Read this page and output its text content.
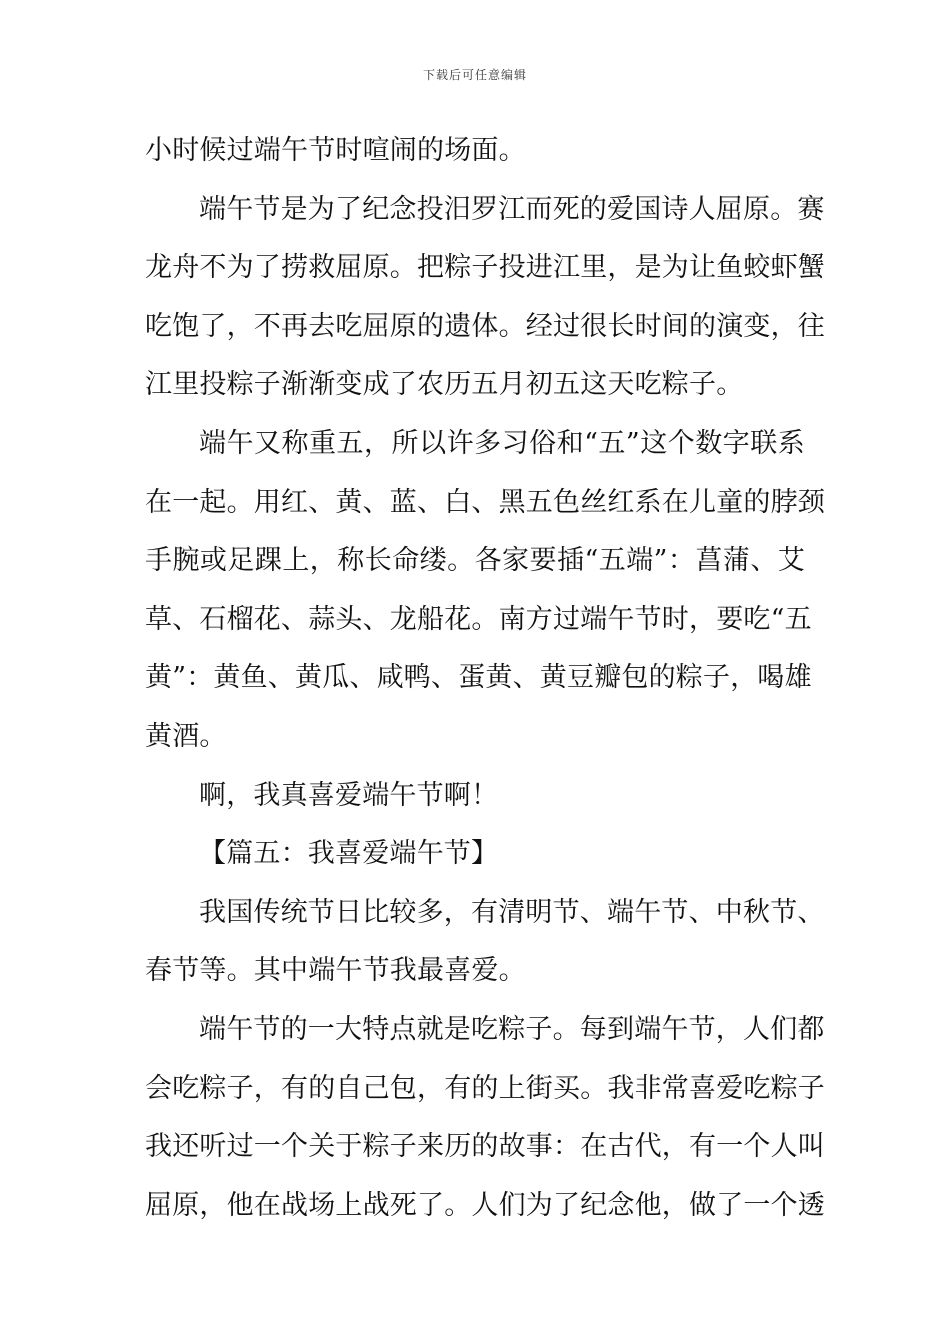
下载后可任意编辑
小时候过端午节时喧闹的场面。
端午节是为了纪念投汨罗江而死的爱国诗人屈原。赛
龙舟不为了捞救屈原。把粽子投进江里，是为让鱼蛟虾蟹
吃饱了，不再去吃屈原的遗体。经过很长时间的演变，往
江里投粽子渐渐变成了农历五月初五这天吃粽子。
端午又称重五，所以许多习俗和“五”这个数字联系
在一起。用红、黄、蓝、白、黑五色丝红系在儿童的脖颈
手腕或足踝上，称长命缕。各家要插“五端”：菖蒲、艾
草、石榴花、蒜头、龙船花。南方过端午节时，要吃“五
黄”：黄鱼、黄瓜、咸鸭、蛋黄、黄豆瓣包的粽子，喝雄
黄酒。
啊，我真喜爱端午节啊！
【篇五：我喜爱端午节】
我国传统节日比较多，有清明节、端午节、中秋节、
春节等。其中端午节我最喜爱。
端午节的一大特点就是吃粽子。每到端午节，人们都
会吃粽子，有的自己包，有的上街买。我非常喜爱吃粽子
我还听过一个关于粽子来历的故事：在古代，有一个人叫
屈原，他在战场上战死了。人们为了纪念他，做了一个透
